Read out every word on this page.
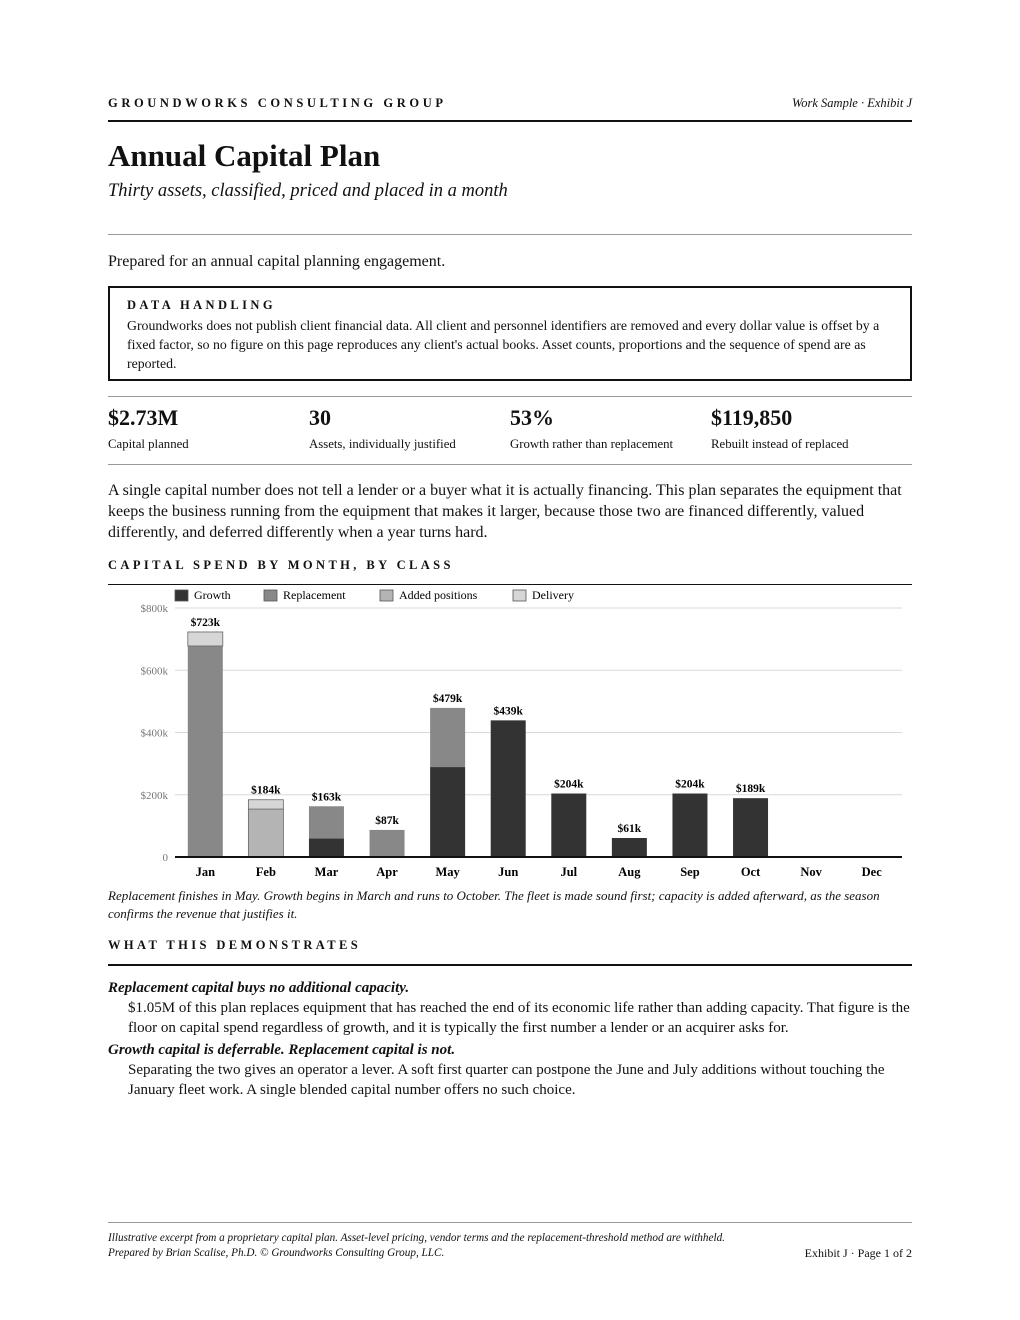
GROUNDWORKS CONSULTING GROUP	Work Sample · Exhibit J
Annual Capital Plan
Thirty assets, classified, priced and placed in a month
Prepared for an annual capital planning engagement.
DATA HANDLING
Groundworks does not publish client financial data. All client and personnel identifiers are removed and every dollar value is offset by a fixed factor, so no figure on this page reproduces any client's actual books. Asset counts, proportions and the sequence of spend are as reported.
$2.73M
Capital planned
30
Assets, individually justified
53%
Growth rather than replacement
$119,850
Rebuilt instead of replaced
A single capital number does not tell a lender or a buyer what it is actually financing. This plan separates the equipment that keeps the business running from the equipment that makes it larger, because those two are financed differently, valued differently, and deferred differently when a year turns hard.
CAPITAL SPEND BY MONTH, BY CLASS
0
$200k
$400k
$600k
$800k
$723k
Jan
$184k
Feb
$163k
Mar
$87k
Apr
$479k
May
$439k
Jun
$204k
Jul
$61k
Aug
$204k
Sep
$189k
Oct	Nov	Dec
Growth	Replacement	Added positions	Delivery
Replacement finishes in May. Growth begins in March and runs to October. The fleet is made sound first; capacity is added afterward, as the season confirms the revenue that justifies it.
WHAT THIS DEMONSTRATES
Replacement capital buys no additional capacity.
$1.05M of this plan replaces equipment that has reached the end of its economic life rather than adding capacity. That figure is the floor on capital spend regardless of growth, and it is typically the first number a lender or an acquirer asks for.
Growth capital is deferrable. Replacement capital is not.
Separating the two gives an operator a lever. A soft first quarter can postpone the June and July additions without touching the January fleet work. A single blended capital number offers no such choice.
Illustrative excerpt from a proprietary capital plan. Asset-level pricing, vendor terms and the replacement-threshold method are withheld. Prepared by Brian Scalise, Ph.D. © Groundworks Consulting Group, LLC.	Exhibit J · Page 1 of 2
